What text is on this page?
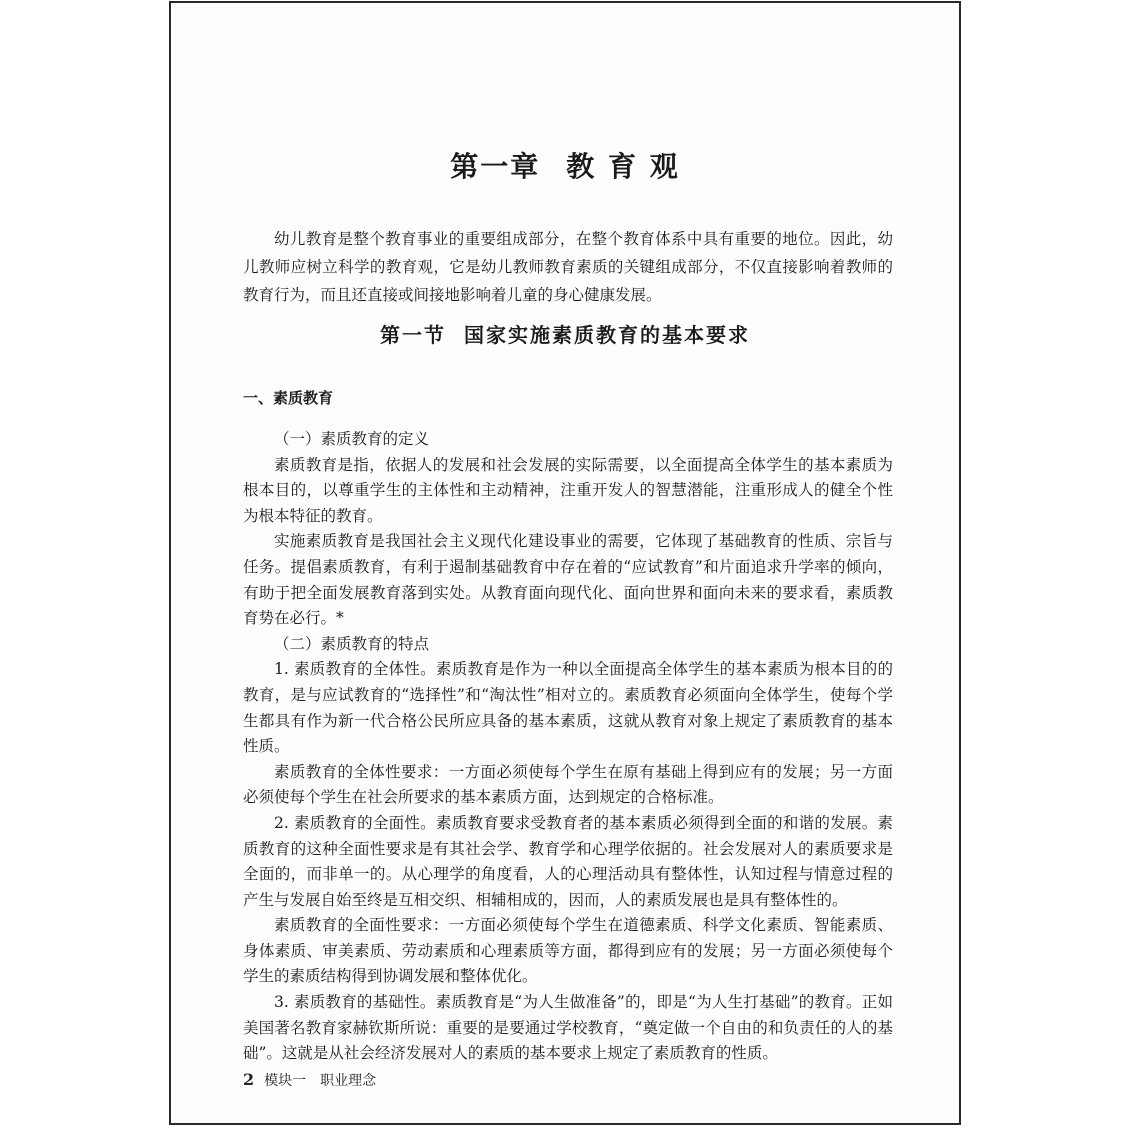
第一章 教 育 观

幼儿教育是整个教育事业的重要组成部分，在整个教育体系中具有重要的地位。因此，幼儿教师应树立科学的教育观，它是幼儿教师教育素质的关键组成部分，不仅直接影响着教师的教育行为，而且还直接或间接地影响着儿童的身心健康发展。

第一节 国家实施素质教育的基本要求
一、素质教育

（一）素质教育的定义

素质教育是指，依据人的发展和社会发展的实际需要，以全面提高全体学生的基本素质为根本目的，以尊重学生的主体性和主动精神，注重开发人的智慧潜能，注重形成人的健全个性为根本特征的教育。

实施素质教育是我国社会主义现代化建设事业的需要，它体现了基础教育的性质、宗旨与任务。提倡素质教育，有利于遏制基础教育中存在着的“应试教育”和片面追求升学率的倾向，有助于把全面发展教育落到实处。从教育面向现代化、面向世界和面向未来的要求看，素质教育势在必行。*

（二）素质教育的特点

1. 素质教育的全体性。素质教育是作为一种以全面提高全体学生的基本素质为根本目的的教育，是与应试教育的“选择性”和“淘汰性”相对立的。素质教育必须面向全体学生，使每个学生都具有作为新一代合格公民所应具备的基本素质，这就从教育对象上规定了素质教育的基本性质。

素质教育的全体性要求：一方面必须使每个学生在原有基础上得到应有的发展；另一方面必须使每个学生在社会所要求的基本素质方面，达到规定的合格标准。

2. 素质教育的全面性。素质教育要求受教育者的基本素质必须得到全面的和谐的发展。素质教育的这种全面性要求是有其社会学、教育学和心理学依据的。社会发展对人的素质要求是全面的，而非单一的。从心理学的角度看，人的心理活动具有整体性，认知过程与情意过程的产生与发展自始至终是互相交织、相辅相成的，因而，人的素质发展也是具有整体性的。

素质教育的全面性要求：一方面必须使每个学生在道德素质、科学文化素质、智能素质、身体素质、审美素质、劳动素质和心理素质等方面，都得到应有的发展；另一方面必须使每个学生的素质结构得到协调发展和整体优化。

3. 素质教育的基础性。素质教育是“为人生做准备”的，即是“为人生打基础”的教育。正如美国著名教育家赫钦斯所说：重要的是要通过学校教育，“奠定做一个自由的和负责任的人的基础”。这就是从社会经济发展对人的素质的基本要求上规定了素质教育的性质。

2 模块一 职业理念
